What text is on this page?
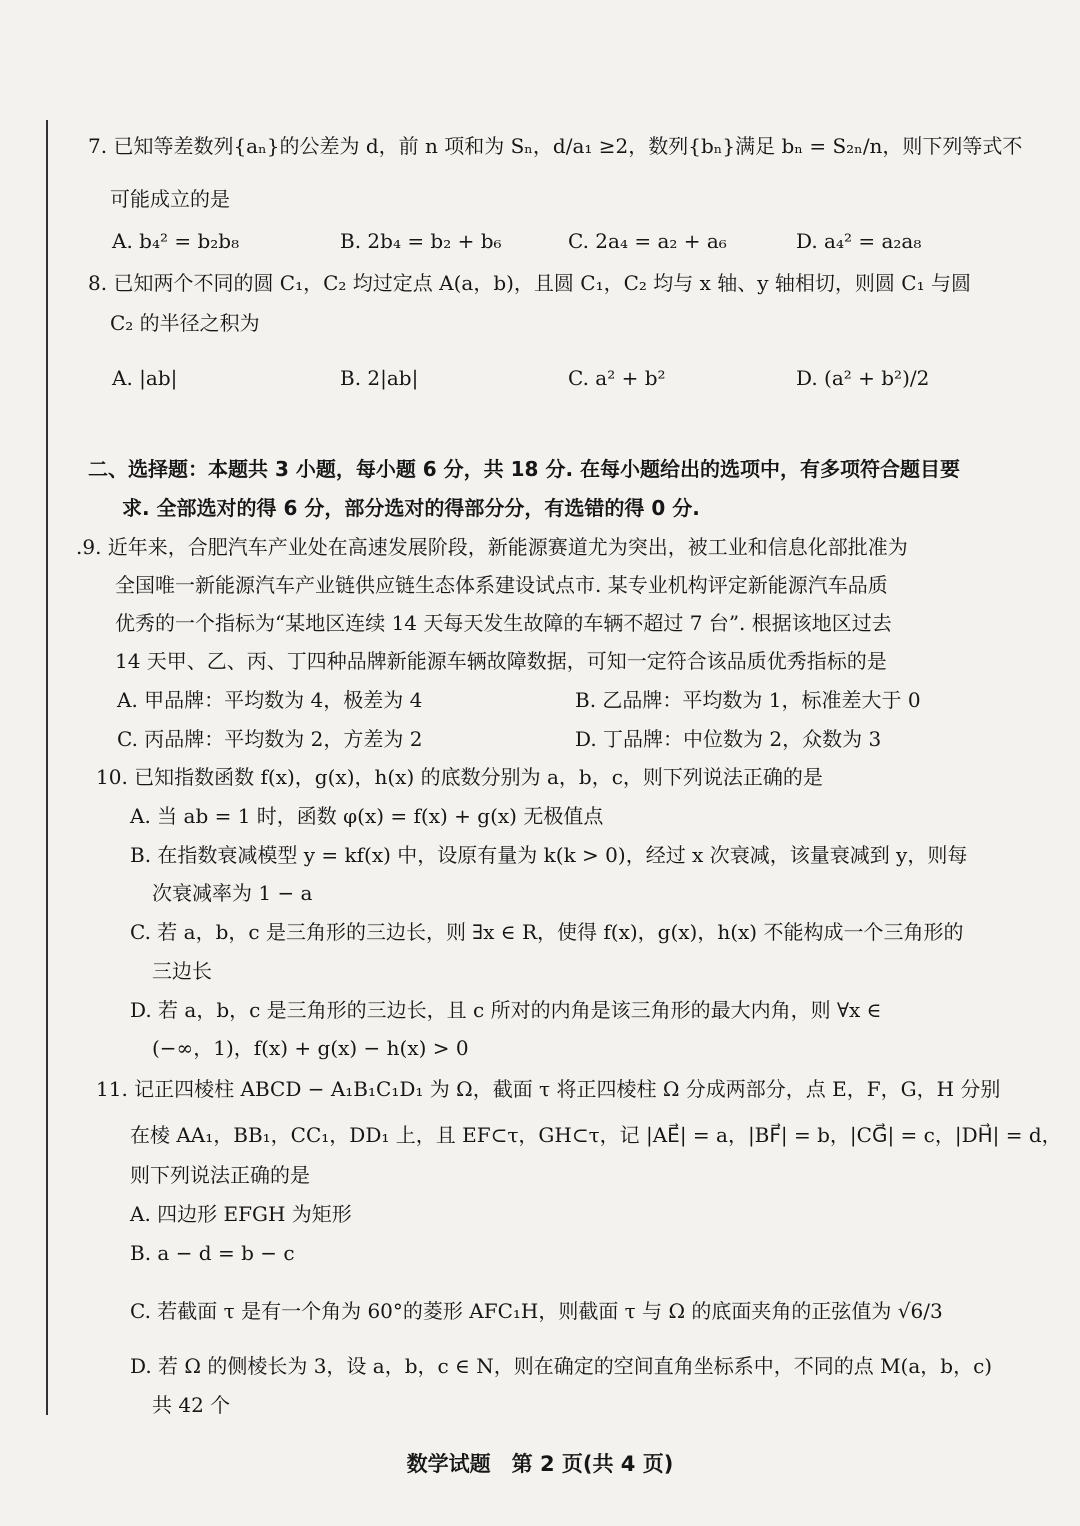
7. 已知等差数列{aₙ}的公差为 d，前 n 项和为 Sₙ，d/a₁ ≥2，数列{bₙ}满足 bₙ = S₂ₙ/n，则下列等式不
可能成立的是
A. b₄² = b₂b₈	B. 2b₄ = b₂ + b₆	C. 2a₄ = a₂ + a₆	D. a₄² = a₂a₈
8. 已知两个不同的圆 C₁，C₂ 均过定点 A(a，b)，且圆 C₁，C₂ 均与 x 轴、y 轴相切，则圆 C₁ 与圆
C₂ 的半径之积为
A. |ab|	B. 2|ab|	C. a² + b²	D. (a² + b²)/2
二、选择题：本题共 3 小题，每小题 6 分，共 18 分. 在每小题给出的选项中，有多项符合题目要
求. 全部选对的得 6 分，部分选对的得部分分，有选错的得 0 分.
.9. 近年来，合肥汽车产业处在高速发展阶段，新能源赛道尤为突出，被工业和信息化部批准为
全国唯一新能源汽车产业链供应链生态体系建设试点市. 某专业机构评定新能源汽车品质
优秀的一个指标为“某地区连续 14 天每天发生故障的车辆不超过 7 台”. 根据该地区过去
14 天甲、乙、丙、丁四种品牌新能源车辆故障数据，可知一定符合该品质优秀指标的是
A. 甲品牌：平均数为 4，极差为 4	B. 乙品牌：平均数为 1，标准差大于 0
C. 丙品牌：平均数为 2，方差为 2	D. 丁品牌：中位数为 2，众数为 3
10. 已知指数函数 f(x)，g(x)，h(x) 的底数分别为 a，b，c，则下列说法正确的是
A. 当 ab = 1 时，函数 φ(x) = f(x) + g(x) 无极值点
B. 在指数衰减模型 y = kf(x) 中，设原有量为 k(k > 0)，经过 x 次衰减，该量衰减到 y，则每
次衰减率为 1 − a
C. 若 a，b，c 是三角形的三边长，则 ∃x ∈ R，使得 f(x)，g(x)，h(x) 不能构成一个三角形的
三边长
D. 若 a，b，c 是三角形的三边长，且 c 所对的内角是该三角形的最大内角，则 ∀x ∈
(−∞，1)，f(x) + g(x) − h(x) > 0
11. 记正四棱柱 ABCD − A₁B₁C₁D₁ 为 Ω，截面 τ 将正四棱柱 Ω 分成两部分，点 E，F，G，H 分别
在棱 AA₁，BB₁，CC₁，DD₁ 上，且 EF⊂τ，GH⊂τ，记 |AE⃗| = a，|BF⃗| = b，|CG⃗| = c，|DH⃗| = d，
则下列说法正确的是
A. 四边形 EFGH 为矩形
B. a − d = b − c
C. 若截面 τ 是有一个角为 60°的菱形 AFC₁H，则截面 τ 与 Ω 的底面夹角的正弦值为 √6/3
D. 若 Ω 的侧棱长为 3，设 a，b，c ∈ N，则在确定的空间直角坐标系中，不同的点 M(a，b，c)
共 42 个
数学试题　第 2 页(共 4 页)
